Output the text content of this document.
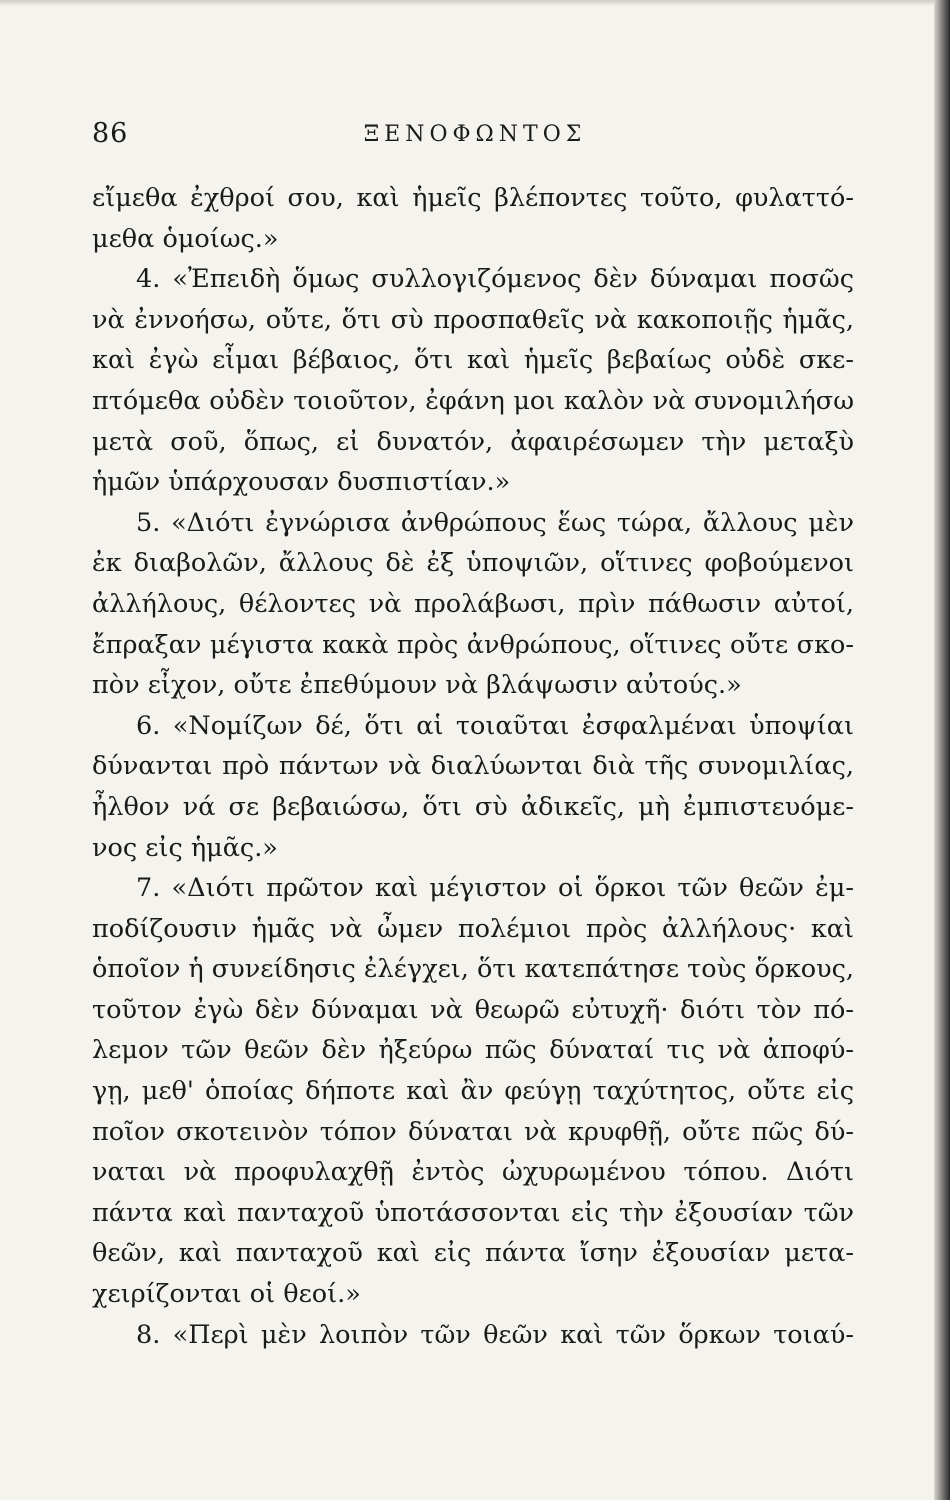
86	ΞΕΝΟΦΩΝΤΟΣ
εἴμεθα ἐχθροί σου, καὶ ἡμεῖς βλέποντες τοῦτο, φυλαττό-
μεθα ὁμοίως.»
4. «Ἐπειδὴ ὅμως συλλογιζόμενος δὲν δύναμαι ποσῶς
νὰ ἐννοήσω, οὔτε, ὅτι σὺ προσπαθεῖς νὰ κακοποιῇς ἡμᾶς,
καὶ ἐγὼ εἶμαι βέβαιος, ὅτι καὶ ἡμεῖς βεβαίως οὐδὲ σκε-
πτόμεθα οὐδὲν τοιοῦτον, ἐφάνη μοι καλὸν νὰ συνομιλήσω
μετὰ σοῦ, ὅπως, εἰ δυνατόν, ἀφαιρέσωμεν τὴν μεταξὺ
ἡμῶν ὑπάρχουσαν δυσπιστίαν.»
5. «Διότι ἐγνώρισα ἀνθρώπους ἕως τώρα, ἄλλους μὲν
ἐκ διαβολῶν, ἄλλους δὲ ἐξ ὑποψιῶν, οἵτινες φοβούμενοι
ἀλλήλους, θέλοντες νὰ προλάβωσι, πρὶν πάθωσιν αὐτοί,
ἔπραξαν μέγιστα κακὰ πρὸς ἀνθρώπους, οἵτινες οὔτε σκο-
πὸν εἶχον, οὔτε ἐπεθύμουν νὰ βλάψωσιν αὐτούς.»
6. «Νομίζων δέ, ὅτι αἱ τοιαῦται ἐσφαλμέναι ὑποψίαι
δύνανται πρὸ πάντων νὰ διαλύωνται διὰ τῆς συνομιλίας,
ἦλθον νά σε βεβαιώσω, ὅτι σὺ ἀδικεῖς, μὴ ἐμπιστευόμε-
νος εἰς ἡμᾶς.»
7. «Διότι πρῶτον καὶ μέγιστον οἱ ὅρκοι τῶν θεῶν ἐμ-
ποδίζουσιν ἡμᾶς νὰ ὦμεν πολέμιοι πρὸς ἀλλήλους· καὶ
ὁποῖον ἡ συνείδησις ἐλέγχει, ὅτι κατεπάτησε τοὺς ὅρκους,
τοῦτον ἐγὼ δὲν δύναμαι νὰ θεωρῶ εὐτυχῆ· διότι τὸν πό-
λεμον τῶν θεῶν δὲν ἠξεύρω πῶς δύναταί τις νὰ ἀποφύ-
γῃ, μεθ' ὁποίας δήποτε καὶ ἂν φεύγῃ ταχύτητος, οὔτε εἰς
ποῖον σκοτεινὸν τόπον δύναται νὰ κρυφθῇ, οὔτε πῶς δύ-
ναται νὰ προφυλαχθῇ ἐντὸς ὠχυρωμένου τόπου. Διότι
πάντα καὶ πανταχοῦ ὑποτάσσονται εἰς τὴν ἐξουσίαν τῶν
θεῶν, καὶ πανταχοῦ καὶ εἰς πάντα ἴσην ἐξουσίαν μετα-
χειρίζονται οἱ θεοί.»
8. «Περὶ μὲν λοιπὸν τῶν θεῶν καὶ τῶν ὅρκων τοιαύ-
